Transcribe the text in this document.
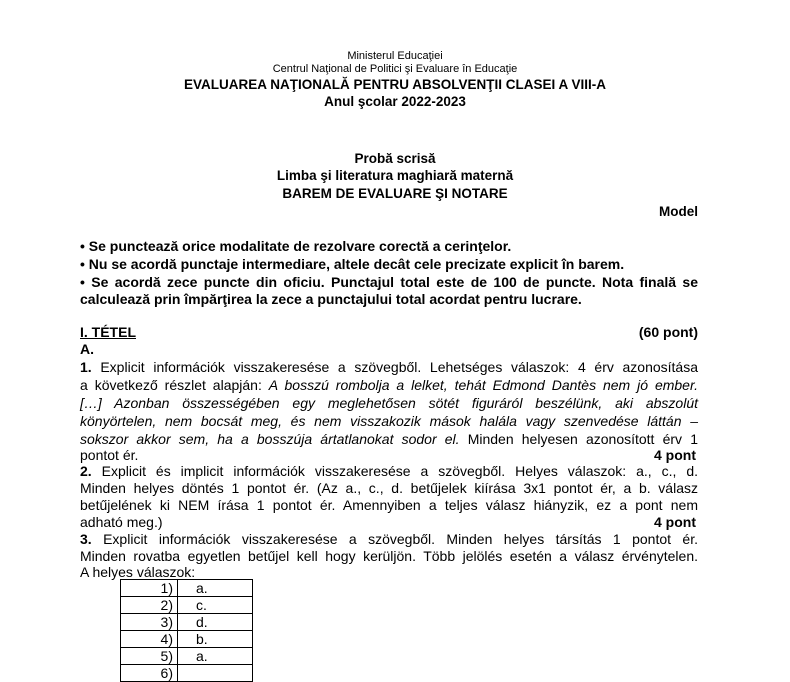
Ministerul Educaţiei
Centrul Naţional de Politici şi Evaluare în Educaţie
EVALUAREA NAŢIONALĂ PENTRU ABSOLVENŢII CLASEI A VIII-A
Anul şcolar 2022-2023
Probă scrisă
Limba şi literatura maghiară maternă
BAREM DE EVALUARE ŞI NOTARE
Model
• Se punctează orice modalitate de rezolvare corectă a cerinţelor.
• Nu se acordă punctaje intermediare, altele decât cele precizate explicit în barem.
• Se acordă zece puncte din oficiu. Punctajul total este de 100 de puncte. Nota finală se
calculează prin împărţirea la zece a punctajului total acordat pentru lucrare.
I. TÉTEL	(60 pont)
A.
1. Explicit információk visszakeresése a szövegből. Lehetséges válaszok: 4 érv azonosítása
a következő részlet alapján: A bosszú rombolja a lelket, tehát Edmond Dantès nem jó ember.
[…] Azonban összességében egy meglehetősen sötét figuráról beszélünk, aki abszolút
könyörtelen, nem bocsát meg, és nem visszakozik mások halála vagy szenvedése láttán –
sokszor akkor sem, ha a bosszúja ártatlanokat sodor el. Minden helyesen azonosított érv 1
pontot ér.	4 pont
2. Explicit és implicit információk visszakeresése a szövegből. Helyes válaszok: a., c., d.
Minden helyes döntés 1 pontot ér. (Az a., c., d. betűjelek kiírása 3x1 pontot ér, a b. válasz
betűjelének ki NEM írása 1 pontot ér. Amennyiben a teljes válasz hiányzik, ez a pont nem
adható meg.)	4 pont
3. Explicit információk visszakeresése a szövegből. Minden helyes társítás 1 pontot ér.
Minden rovatba egyetlen betűjel kell hogy kerüljön. Több jelölés esetén a válasz érvénytelen.
A helyes válaszok:
1)	a.
2)	c.
3)	d.
4)	b.
5)	a.
6)	
